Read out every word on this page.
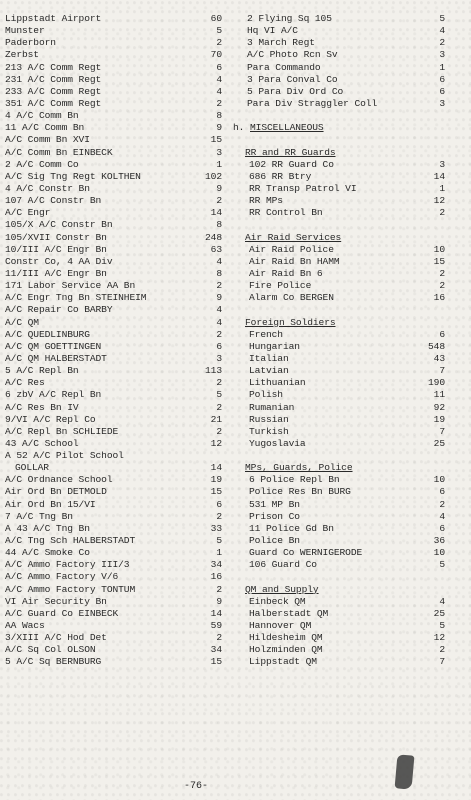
Lippstadt Airport	60
Munster	5
Paderborn	2
Zerbst	70
213 A/C Comm Regt	6
231 A/C Comm Regt	4
233 A/C Comm Regt	4
351 A/C Comm Regt	2
4 A/C Comm Bn	8
11 A/C Comm Bn	9
A/C Comm Bn XVI	15
A/C Comm Bn EINBECK	3
2 A/C Comm Co	1
A/C Sig Tng Regt KOLTHEN	102
4 A/C Constr Bn	9
107 A/C Constr Bn	2
A/C Engr	14
105/X A/C Constr Bn	8
105/XVII Constr Bn	248
10/III A/C Engr Bn	63
Constr Co, 4 AA Div	4
11/III A/C Engr Bn	8
171 Labor Service AA Bn	2
A/C Engr Tng Bn STEINHEIM	9
A/C Repair Co BARBY	4
A/C QM	4
A/C QUEDLINBURG	2
A/C QM GOETTINGEN	6
A/C QM HALBERSTADT	3
5 A/C Repl Bn	113
A/C Res	2
6 zbV A/C Repl Bn	5
A/C Res Bn IV	2
9/VI A/C Repl Co	21
A/C Repl Bn SCHLIEDE	2
43 A/C School	12
A 52 A/C Pilot School
GOLLAR	14
A/C Ordnance School	19
Air Ord Bn DETMOLD	15
Air Ord Bn 15/VI	6
7 A/C Tng Bn	2
A 43 A/C Tng Bn	33
A/C Tng Sch HALBERSTADT	5
44 A/C Smoke Co	1
A/C Ammo Factory III/3	34
A/C Ammo Factory V/6	16
A/C Ammo Factory TONTUM	2
VI Air Security Bn	9
A/C Guard Co EINBECK	14
AA Wacs	59
3/XIII A/C Hod Det	2
A/C Sq Col OLSON	34
5 A/C Sq BERNBURG	15
2 Flying Sq 105	5
Hq VI A/C	4
3 March Regt	2
A/C Photo Rcn Sv	3
Para Commando	1
3 Para Conval Co	6
5 Para Div Ord Co	6
Para Div Straggler Coll	3
h. MISCELLANEOUS
RR and RR Guards
102 RR Guard Co	3
686 RR Btry	14
RR Transp Patrol VI	1
RR MPs	12
RR Control Bn	2
Air Raid Services
Air Raid Police	10
Air Raid Bn HAMM	15
Air Raid Bn 6	2
Fire Police	2
Alarm Co BERGEN	16
Foreign Soldiers
French	6
Hungarian	548
Italian	43
Latvian	7
Lithuanian	190
Polish	11
Rumanian	92
Russian	19
Turkish	7
Yugoslavia	25
MPs, Guards, Police
6 Police Repl Bn	10
Police Res Bn BURG	6
531 MP Bn	2
Prison Co	4
11 Police Gd Bn	6
Police Bn	36
Guard Co WERNIGERODE	10
106 Guard Co	5
QM and Supply
Einbeck QM	4
Halberstadt QM	25
Hannover QM	5
Hildesheim QM	12
Holzminden QM	2
Lippstadt QM	7
-76-
